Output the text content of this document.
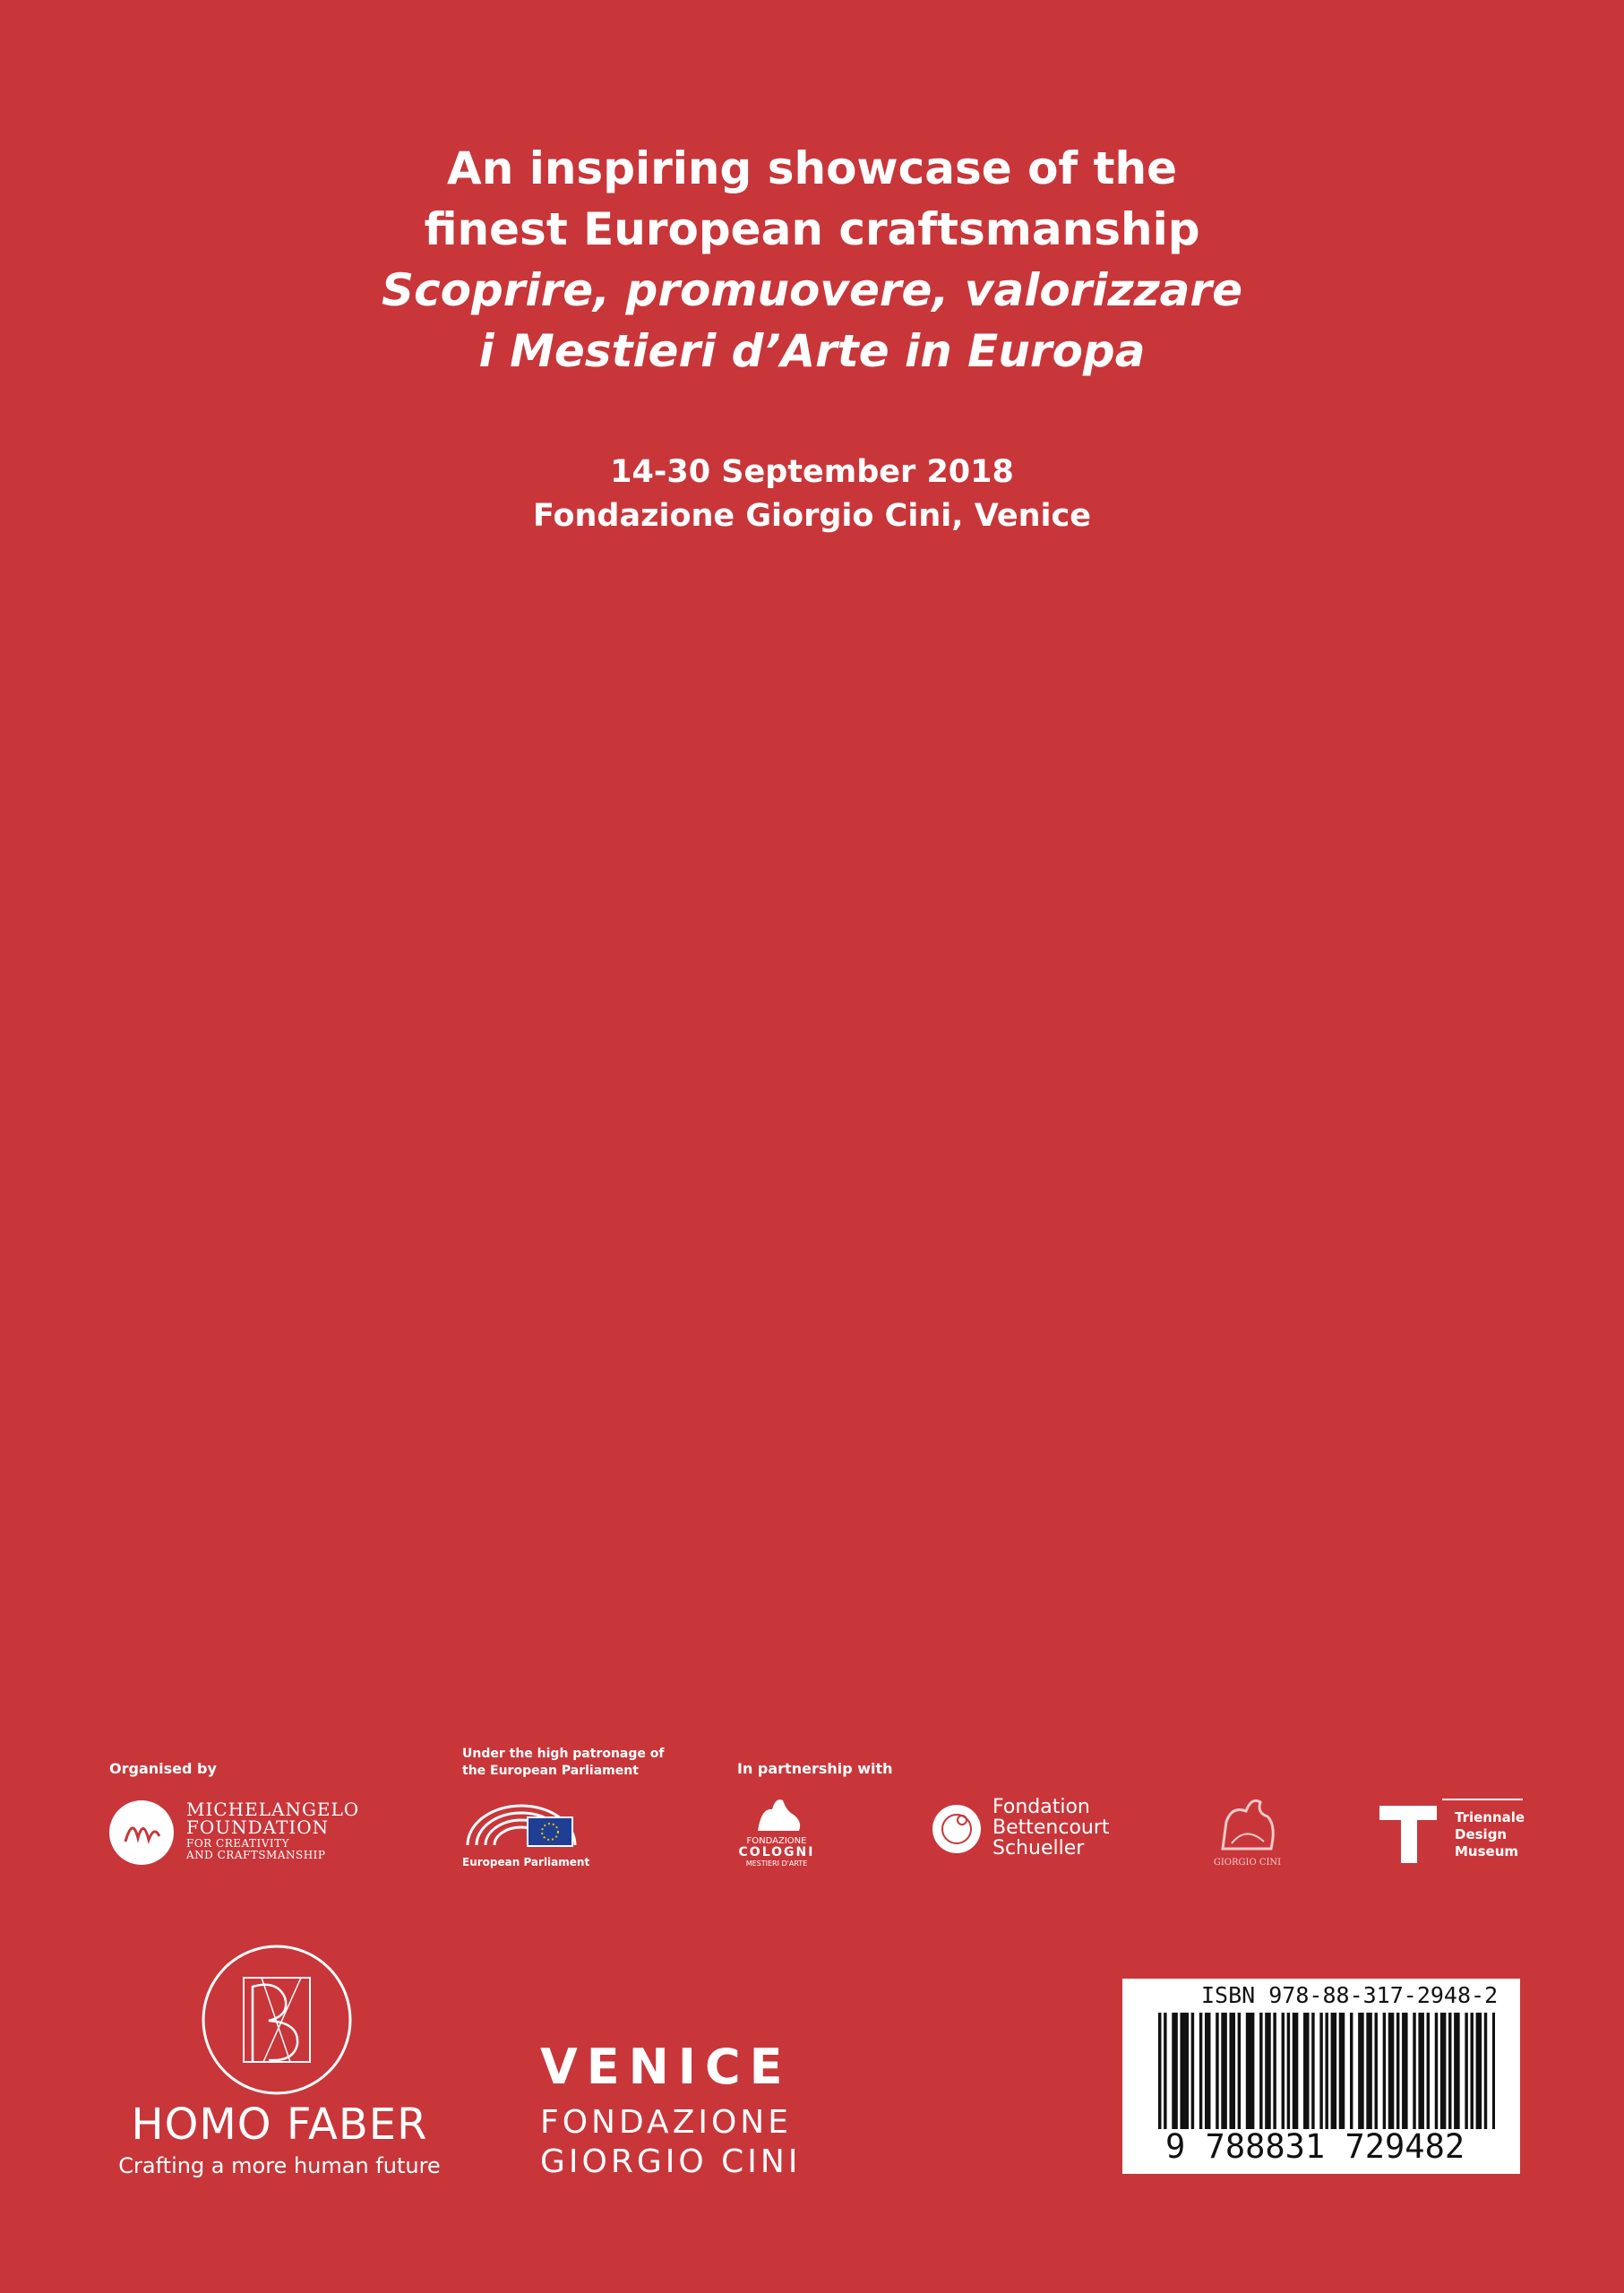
An inspiring showcase of the
finest European craftsmanship
Scoprire, promuovere, valorizzare
i Mestieri d’Arte in Europa
14-30 September 2018
Fondazione Giorgio Cini, Venice
Organised by
Under the high patronage of
the European Parliament	In partnership with
MICHELANGELO
FOUNDATION
FOR CREATIVITY
AND CRAFTSMANSHIP
European Parliament
FONDAZIONE
COLOGNI
MESTIERI D'ARTE
Fondation
Bettencourt
Schueller
GIORGIO CINI
Triennale
Design
Museum
HOMO FABER
Crafting a more human future
VENICE
FONDAZIONE
GIORGIO CINI
ISBN 978-88-317-2948-2
9 788831 729482
